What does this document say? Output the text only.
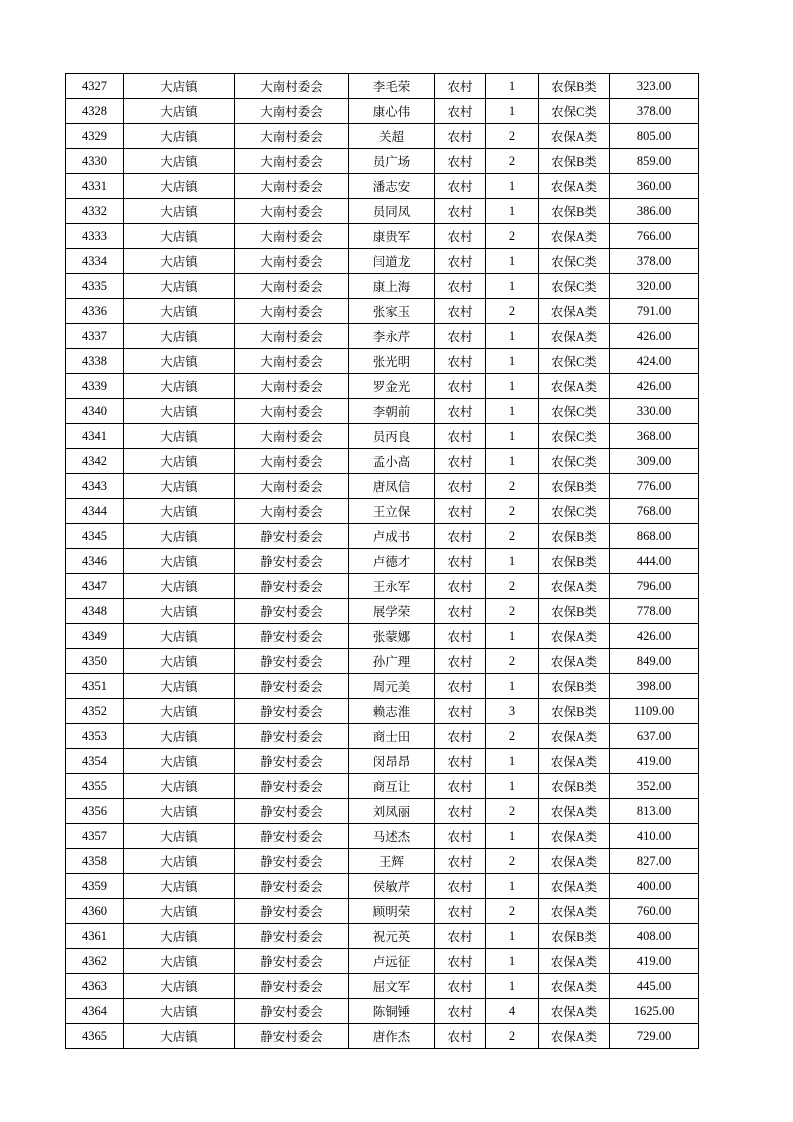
4327	大店镇	大南村委会	李毛荣	农村	1	农保B类	323.00
4328	大店镇	大南村委会	康心伟	农村	1	农保C类	378.00
4329	大店镇	大南村委会	关超	农村	2	农保A类	805.00
4330	大店镇	大南村委会	员广场	农村	2	农保B类	859.00
4331	大店镇	大南村委会	潘志安	农村	1	农保A类	360.00
4332	大店镇	大南村委会	员同凤	农村	1	农保B类	386.00
4333	大店镇	大南村委会	康贵军	农村	2	农保A类	766.00
4334	大店镇	大南村委会	闫道龙	农村	1	农保C类	378.00
4335	大店镇	大南村委会	康上海	农村	1	农保C类	320.00
4336	大店镇	大南村委会	张家玉	农村	2	农保A类	791.00
4337	大店镇	大南村委会	李永芹	农村	1	农保A类	426.00
4338	大店镇	大南村委会	张光明	农村	1	农保C类	424.00
4339	大店镇	大南村委会	罗金光	农村	1	农保A类	426.00
4340	大店镇	大南村委会	李朝前	农村	1	农保C类	330.00
4341	大店镇	大南村委会	员丙良	农村	1	农保C类	368.00
4342	大店镇	大南村委会	孟小高	农村	1	农保C类	309.00
4343	大店镇	大南村委会	唐凤信	农村	2	农保B类	776.00
4344	大店镇	大南村委会	王立保	农村	2	农保C类	768.00
4345	大店镇	静安村委会	卢成书	农村	2	农保B类	868.00
4346	大店镇	静安村委会	卢德才	农村	1	农保B类	444.00
4347	大店镇	静安村委会	王永军	农村	2	农保A类	796.00
4348	大店镇	静安村委会	展学荣	农村	2	农保B类	778.00
4349	大店镇	静安村委会	张蒙娜	农村	1	农保A类	426.00
4350	大店镇	静安村委会	孙广理	农村	2	农保A类	849.00
4351	大店镇	静安村委会	周元美	农村	1	农保B类	398.00
4352	大店镇	静安村委会	赖志淮	农村	3	农保B类	1109.00
4353	大店镇	静安村委会	商士田	农村	2	农保A类	637.00
4354	大店镇	静安村委会	闵昂昂	农村	1	农保A类	419.00
4355	大店镇	静安村委会	商互让	农村	1	农保B类	352.00
4356	大店镇	静安村委会	刘凤丽	农村	2	农保A类	813.00
4357	大店镇	静安村委会	马述杰	农村	1	农保A类	410.00
4358	大店镇	静安村委会	王辉	农村	2	农保A类	827.00
4359	大店镇	静安村委会	侯敏芹	农村	1	农保A类	400.00
4360	大店镇	静安村委会	顾明荣	农村	2	农保A类	760.00
4361	大店镇	静安村委会	祝元英	农村	1	农保B类	408.00
4362	大店镇	静安村委会	卢远征	农村	1	农保A类	419.00
4363	大店镇	静安村委会	屈文军	农村	1	农保A类	445.00
4364	大店镇	静安村委会	陈铜锤	农村	4	农保A类	1625.00
4365	大店镇	静安村委会	唐作杰	农村	2	农保A类	729.00
